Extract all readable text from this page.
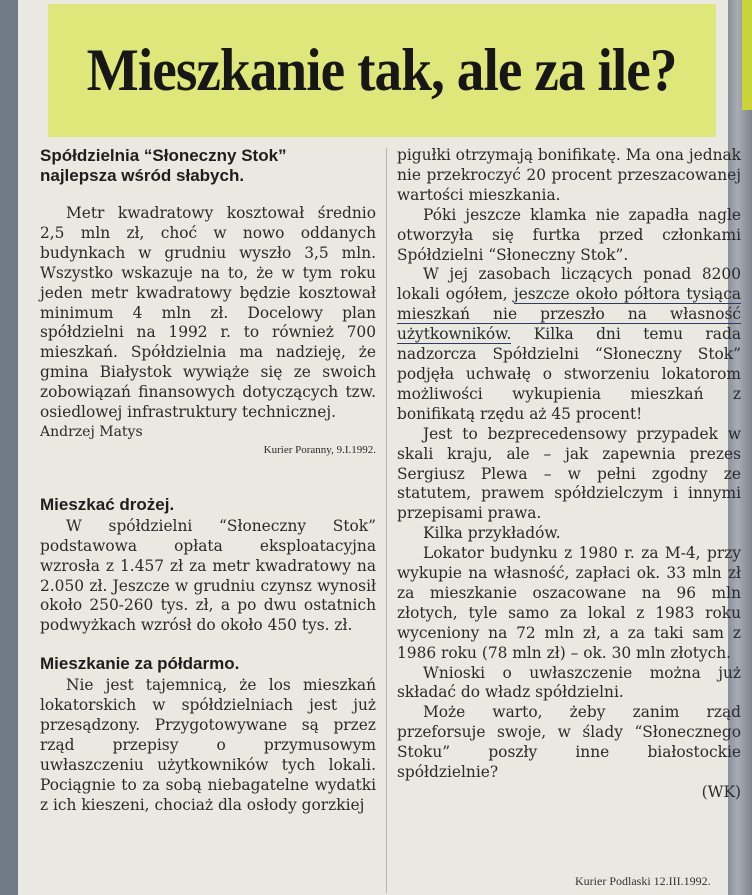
Mieszkanie tak, ale za ile?
Spółdzielnia “Słoneczny Stok”
najlepsza wśród słabych.

Metr kwadratowy kosztował średnio 2,5 mln zł, choć w nowo oddanych budynkach w grudniu wyszło 3,5 mln. Wszystko wskazuje na to, że w tym roku jeden metr kwadratowy będzie kosztował minimum 4 mln zł. Docelowy plan spółdzielni na 1992 r. to również 700 mieszkań. Spółdzielnia ma nadzieję, że gmina Białystok wywiąże się ze swoich zobowiązań finansowych dotyczących tzw. osiedlowej infrastruktury technicznej.

Andrzej Matys
Kurier Poranny, 9.I.1992.
Mieszkać drożej.

W spółdzielni “Słoneczny Stok” podstawowa opłata eksploatacyjna wzrosła z 1.457 zł za metr kwadratowy na 2.050 zł. Jeszcze w grudniu czynsz wynosił około 250-260 tys. zł, a po dwu ostatnich podwyżkach wzrósł do około 450 tys. zł.

Mieszkanie za półdarmo.

Nie jest tajemnicą, że los mieszkań lokatorskich w spółdzielniach jest już przesądzony. Przygotowywane są przez rząd przepisy o przymusowym uwłaszczeniu użytkowników tych lokali. Pociągnie to za sobą niebagatelne wydatki z ich kieszeni, chociaż dla osłody gorzkiej

pigułki otrzymają bonifikatę. Ma ona jednak nie przekroczyć 20 procent przeszacowanej wartości mieszkania.

Póki jeszcze klamka nie zapadła nagle otworzyła się furtka przed członkami Spółdzielni “Słoneczny Stok”.

W jej zasobach liczących ponad 8200 lokali ogółem, jeszcze około półtora tysiąca mieszkań nie przeszło na własność użytkowników. Kilka dni temu rada nadzorcza Spółdzielni “Słoneczny Stok” podjęła uchwałę o stworzeniu lokatorom możliwości wykupienia mieszkań z bonifikatą rzędu aż 45 procent!

Jest to bezprecedensowy przypadek w skali kraju, ale – jak zapewnia prezes Sergiusz Plewa – w pełni zgodny ze statutem, prawem spółdzielczym i innymi przepisami prawa.

Kilka przykładów.

Lokator budynku z 1980 r. za M-4, przy wykupie na własność, zapłaci ok. 33 mln zł za mieszkanie oszacowane na 96 mln złotych, tyle samo za lokal z 1983 roku wyceniony na 72 mln zł, a za taki sam z 1986 roku (78 mln zł) – ok. 30 mln złotych.

Wnioski o uwłaszczenie można już składać do władz spółdzielni.

Może warto, żeby zanim rząd przeforsuje swoje, w ślady “Słonecznego Stoku” poszły inne białostockie spółdzielnie?

(WK)
Kurier Podlaski 12.III.1992.
